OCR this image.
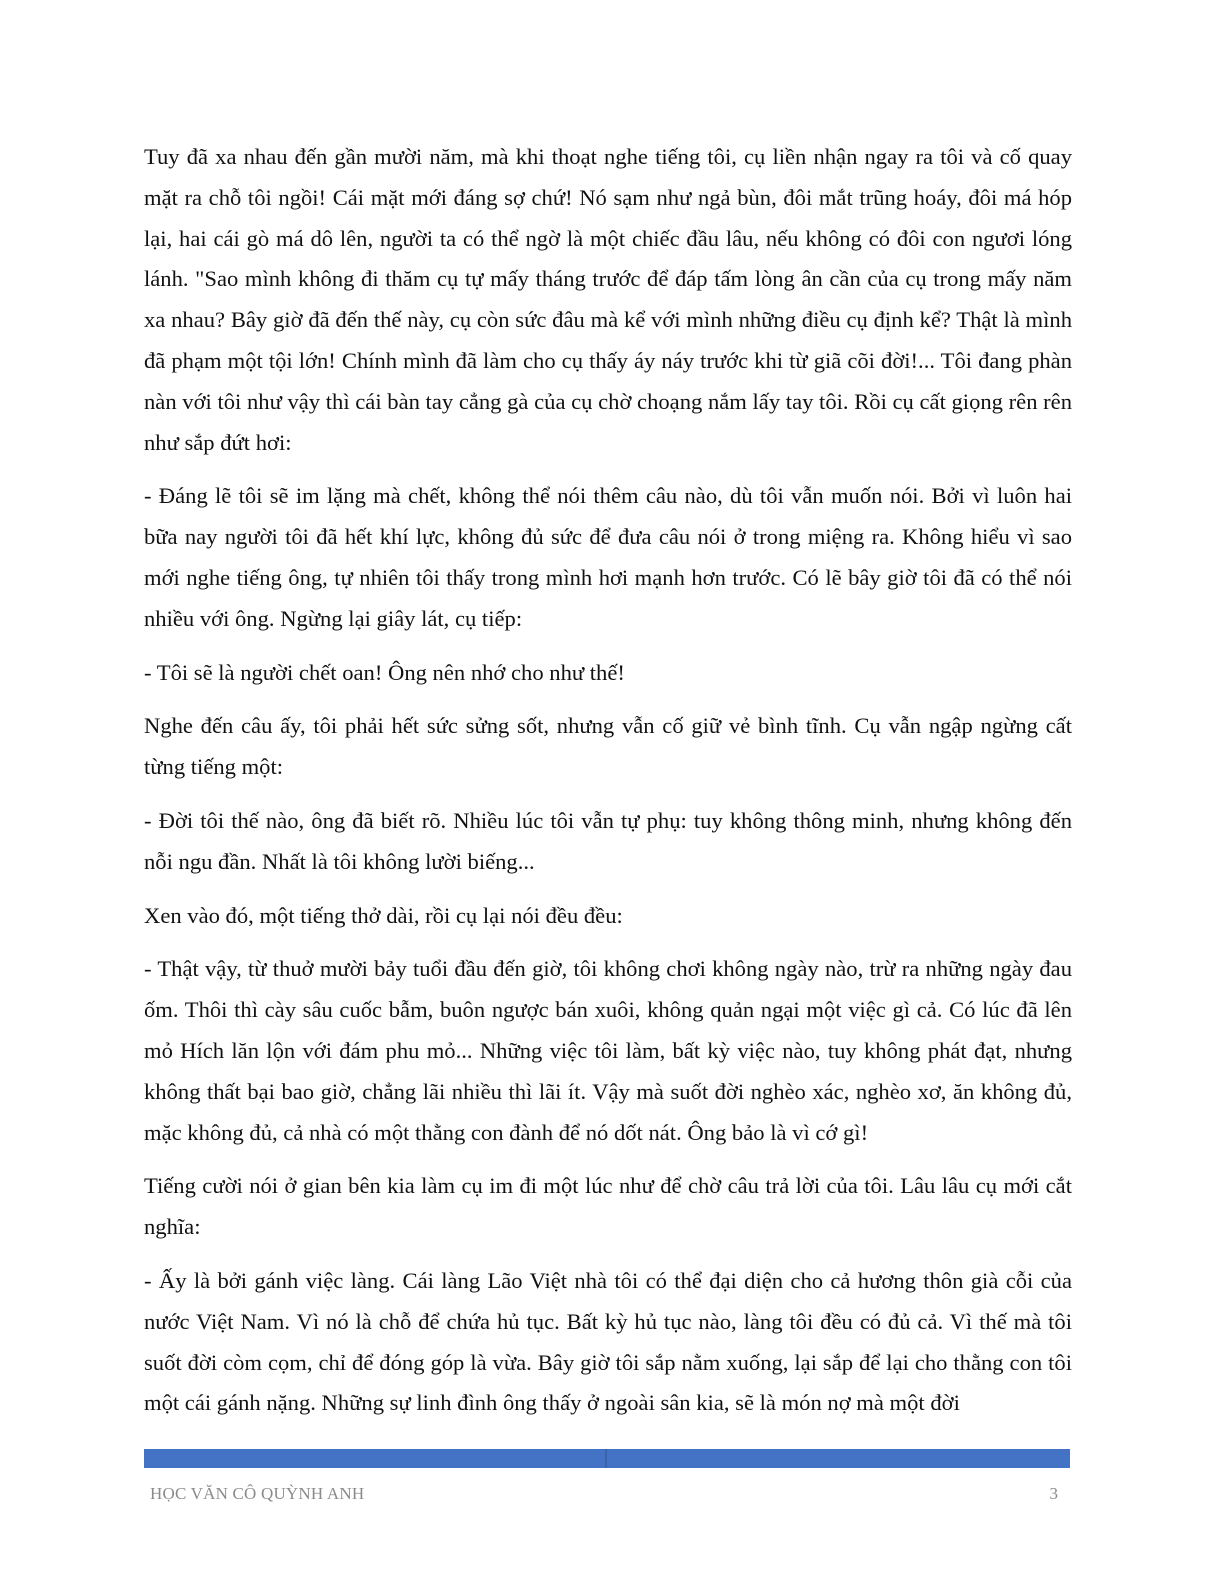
Tuy đã xa nhau đến gần mười năm, mà khi thoạt nghe tiếng tôi, cụ liền nhận ngay ra tôi và cố quay mặt ra chỗ tôi ngồi! Cái mặt mới đáng sợ chứ! Nó sạm như ngả bùn, đôi mắt trũng hoáy, đôi má hóp lại, hai cái gò má dô lên, người ta có thể ngờ là một chiếc đầu lâu, nếu không có đôi con ngươi lóng lánh. "Sao mình không đi thăm cụ tự mấy tháng trước để đáp tấm lòng ân cần của cụ trong mấy năm xa nhau? Bây giờ đã đến thế này, cụ còn sức đâu mà kể với mình những điều cụ định kể? Thật là mình đã phạm một tội lớn! Chính mình đã làm cho cụ thấy áy náy trước khi từ giã cõi đời!... Tôi đang phàn nàn với tôi như vậy thì cái bàn tay cẳng gà của cụ chờ choạng nắm lấy tay tôi. Rồi cụ cất giọng rên rên như sắp đứt hơi:

- Đáng lẽ tôi sẽ im lặng mà chết, không thể nói thêm câu nào, dù tôi vẫn muốn nói. Bởi vì luôn hai bữa nay người tôi đã hết khí lực, không đủ sức để đưa câu nói ở trong miệng ra. Không hiểu vì sao mới nghe tiếng ông, tự nhiên tôi thấy trong mình hơi mạnh hơn trước. Có lẽ bây giờ tôi đã có thể nói nhiều với ông. Ngừng lại giây lát, cụ tiếp:

- Tôi sẽ là người chết oan! Ông nên nhớ cho như thế!

Nghe đến câu ấy, tôi phải hết sức sửng sốt, nhưng vẫn cố giữ vẻ bình tĩnh. Cụ vẫn ngập ngừng cất từng tiếng một:

- Đời tôi thế nào, ông đã biết rõ. Nhiều lúc tôi vẫn tự phụ: tuy không thông minh, nhưng không đến nỗi ngu đần. Nhất là tôi không lười biếng...

Xen vào đó, một tiếng thở dài, rồi cụ lại nói đều đều:

- Thật vậy, từ thuở mười bảy tuổi đầu đến giờ, tôi không chơi không ngày nào, trừ ra những ngày đau ốm. Thôi thì cày sâu cuốc bẫm, buôn ngược bán xuôi, không quản ngại một việc gì cả. Có lúc đã lên mỏ Hích lăn lộn với đám phu mỏ... Những việc tôi làm, bất kỳ việc nào, tuy không phát đạt, nhưng không thất bại bao giờ, chẳng lãi nhiều thì lãi ít. Vậy mà suốt đời nghèo xác, nghèo xơ, ăn không đủ, mặc không đủ, cả nhà có một thằng con đành để nó dốt nát. Ông bảo là vì cớ gì!

Tiếng cười nói ở gian bên kia làm cụ im đi một lúc như để chờ câu trả lời của tôi. Lâu lâu cụ mới cắt nghĩa:

- Ấy là bởi gánh việc làng. Cái làng Lão Việt nhà tôi có thể đại diện cho cả hương thôn già cỗi của nước Việt Nam. Vì nó là chỗ để chứa hủ tục. Bất kỳ hủ tục nào, làng tôi đều có đủ cả. Vì thế mà tôi suốt đời còm cọm, chỉ để đóng góp là vừa. Bây giờ tôi sắp nằm xuống, lại sắp để lại cho thằng con tôi một cái gánh nặng. Những sự linh đình ông thấy ở ngoài sân kia, sẽ là món nợ mà một đời

HỌC VĂN CÔ QUỲNH ANH	3
